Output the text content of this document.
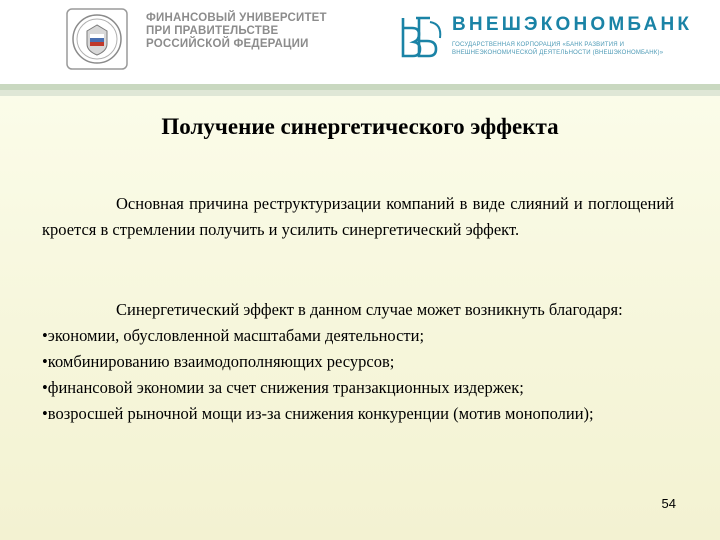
ФИНАНСОВЫЙ УНИВЕРСИТЕТ
ПРИ ПРАВИТЕЛЬСТВЕ
РОССИЙСКОЙ ФЕДЕРАЦИИ
ВНЕШЭКОНОМБАНК
ГОСУДАРСТВЕННАЯ КОРПОРАЦИЯ «БАНК РАЗВИТИЯ И
ВНЕШНЕЭКОНОМИЧЕСКОЙ ДЕЯТЕЛЬНОСТИ (ВНЕШЭКОНОМБАНК)»
Получение синергетического эффекта
Основная причина реструктуризации компаний в виде слияний и поглощений кроется в стремлении получить и усилить синергетический эффект.
Синергетический эффект в данном случае может возникнуть благодаря:
•экономии, обусловленной масштабами деятельности;
•комбинированию взаимодополняющих ресурсов;
•финансовой экономии за счет снижения транзакционных издержек;
•возросшей рыночной мощи из-за снижения конкуренции (мотив монополии);
54
